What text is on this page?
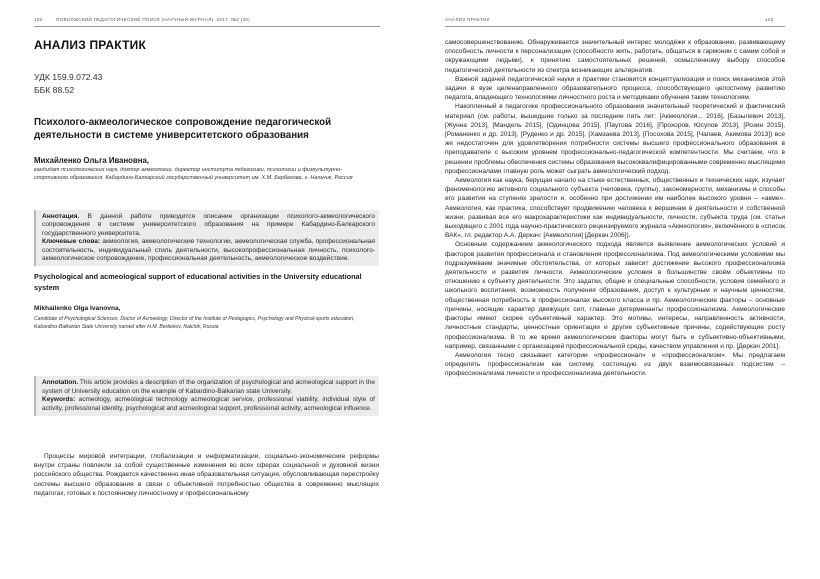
102	ПОВОЛЖСКИЙ ПЕДАГОГИЧЕСКИЙ ПОИСК (НАУЧНЫЙ ЖУРНАЛ). 2017. №2 (20)
АНАЛИЗ ПРАКТИК
УДК 159.9.072.43
ББК 88.52
Психолого-акмеологическое сопровождение педагогической деятельности в системе университетского образования
Михайленко Ольга Ивановна,
кандидат психологических наук, доктор акмеологии, директор института педагогики, психологии и физкультурно-спортивного образования, Кабардино-Балкарский государственный университет им. Х.М. Бербекова, г. Нальчик, Россия

Аннотация. В данной работе приводится описание организации психолого-акмеологического сопровождения в системе университетского образования на примере Кабардино-Балкарского государственного университета.

Ключевые слова: акмеология, акмеологические технологии, акмеологическая служба, профессиональная состоятельность, индивидуальный стиль деятельности, высокопрофессиональная личность, психолого-акмеологическое сопровождение, профессиональная деятельность, акмеологическое воздействие.

Psychological and acmeological support of educational activities in the University educational system
Mikhailenko Olga Ivanovna,
Candidate of Psychological Sciences, Doctor of Acmeology, Director of the Institute of Pedagogics, Psychology and Physical-sports education, Kabardino-Balkarian State University named after H.M. Berbekov, Nalchik, Russia

Annotation. This article provides a description of the organization of psychological and acmeological support in the system of University education on the example of Kabardino-Balkarian state University.

Keywords: acmeology, acmeological technology acmeological service, professional viability, individual style of activity, professional identity, psychological and acmeological support, professional activity, acmeological influence.

Процессы мировой интеграции, глобализации и информатизации, социально-экономические реформы внутри страны повлекли за собой существенные изменения во всех сферах социальной и духовной жизни российского общества. Рождается качественно иная образовательная ситуация, обусловливающая перестройку системы высшего образования в связи с объективной потребностью общества в современно мыслящих педагогах, готовых к постоянному личностному и профессиональному

АНАЛИЗ ПРАКТИК	103

самосовершенствованию. Обнаруживается значительный интерес молодёжи к образованию, развивающему способность личности к персонализации (способности жить, работать, общаться в гармонии с самим собой и окружающими людьми), к принятию самостоятельных решений, осмысленному выбору способов педагогической деятельности из спектра возникающих альтернатив.

Важной задачей педагогической науки и практики становится концептуализация и поиск механизмов этой задачи в вузе целенаправленного образовательного процесса, способствующего целостному развитию педагога, владеющего технологиями личностного роста и методиками обучения таким технологиям.

Накопленный в педагогике профессионального образования значительный теоретический и фактический материал (см. работы, вышедшие только за последние пять лет: [Акмеология... 2016], [Базылевич 2013], [Жунна 2013], [Мандель 2015], [Одинцова 2015], [Паутова 2016], [Прохоров, Юсупов 2013], [Розин 2015], [Романенко и др. 2013], [Руденко и др. 2015], [Хамзаева 2013], [Посохова 2015], [Чапаев, Акимова 2013]) все же недостаточен для удовлетворения потребности системы высшего профессионального образования в преподавателе с высоким уровнем профессионально-педагогической компетентности. Мы считаем, что в решении проблемы обеспечения системы образования высококвалифицированными современно мыслящими профессионалами главную роль может сыграть акмеологический подход.

Акмеология как наука, берущая начало на стыке естественных, общественных и технических наук, изучает феноменологию активного социального субъекта (человека, группы), закономерности, механизмы и способы его развития на ступенях зрелости и, особенно при достижении им наиболее высокого уровня – «акме». Акмеология, как практика, способствует продвижению человека к вершинам в деятельности и собственной жизни, развивая все его макрохарактеристики как индивидуальности, личности, субъекта труда (см. статьи выходящего с 2001 года научно-практического рецензируемого журнала «Акмеология», включённого в «список ВАК», гл. редактор А.А. Деркач: [Акмеология] [Деркач 2006]).

Основным содержанием акмеологического подхода является выявление акмеологических условий и факторов развития профессионала и становления профессионализма. Под акмеологическими условиями мы подразумеваем значимые обстоятельства, от которых зависит достижение высокого профессионализма деятельности и развития личности. Акмеологические условия в большинстве своём объективны по отношению к субъекту деятельности. Это задатки, общие и специальные способности, условия семейного и школьного воспитания, возможность получения образования, доступ к культурным и научным ценностям, общественная потребность в профессионалах высокого класса и пр. Акмеологические факторы – основные причины, носящие характер движущих сил, главные детерминанты профессионализма. Акмеологические факторы имеют скорее субъективный характер. Это мотивы, интересы, направленность активности, личностные стандарты, ценностные ориентации и другие субъективные причины, содействующие росту профессионализма. В то же время акмеологические факторы могут быть и субъективно-объективными, например, связанными с организацией профессиональной среды, качеством управления и пр. [Деркач 2001].

Акмеология тесно связывает категории «профессионал» и «профессионализм». Мы предлагаем определять профессионализм как систему, состоящую из двух взаимосвязанных подсистем – профессионализма личности и профессионализма деятельности.
